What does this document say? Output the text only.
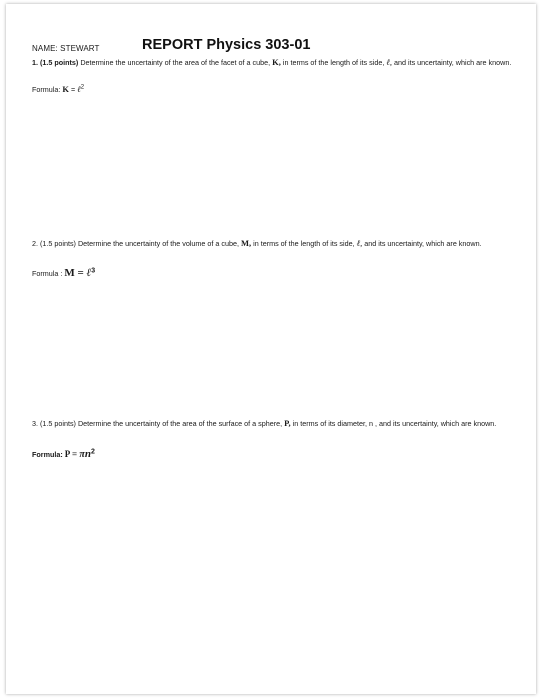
NAME: STEWART	REPORT Physics 303-01
1. (1.5 points) Determine the uncertainty of the area of the facet of a cube, K, in terms of the length of its side, ℓ, and its uncertainty, which are known.
Formula: K = ℓ$^2$
2. (1.5 points) Determine the uncertainty of the volume of a cube, M, in terms of the length of its side, ℓ, and its uncertainty, which are known.
Formula : M = ℓ$^3$
3. (1.5 points) Determine the uncertainty of the area of the surface of a sphere, P, in terms of its diameter, n , and its uncertainty, which are known.
Formula: $P = \pi n^2$
